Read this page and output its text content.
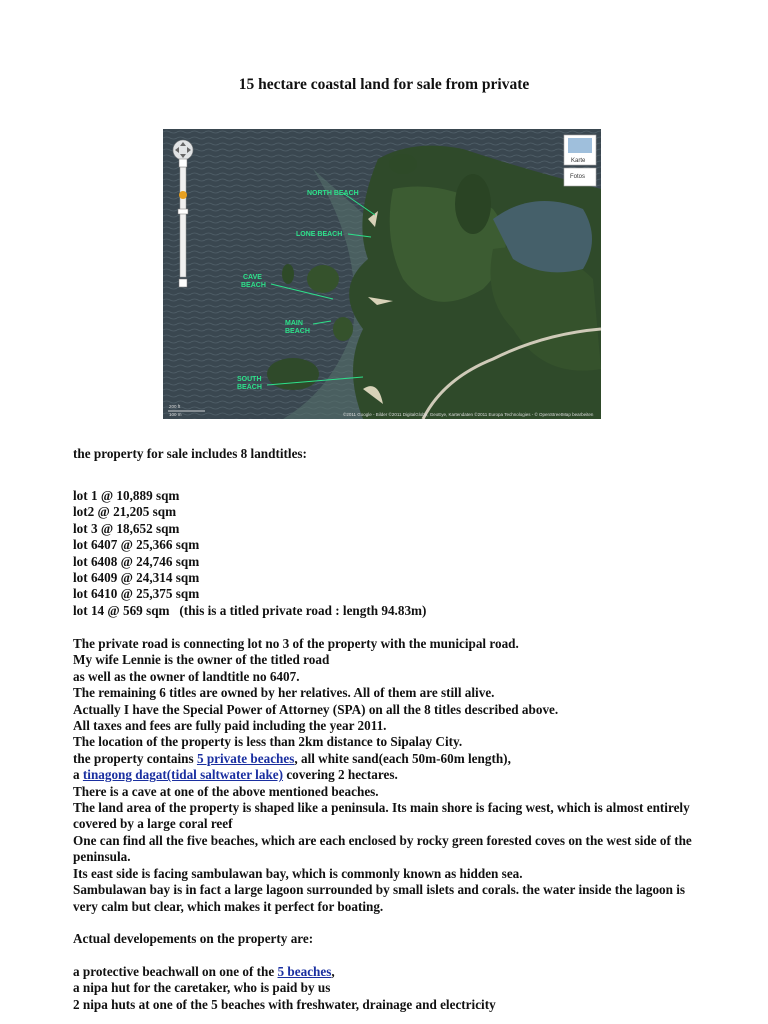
15 hectare coastal land for sale from private
NORTH BEACH
LONE BEACH
CAVE
BEACH
MAIN
BEACH
SOUTH
BEACH
Karte
Fotos
200 ft
100 m	©2011 Google - Bilder ©2011 DigitalGlobe, GeoEye, Kartendaten ©2011 Europa Technologies - © OpenStreetMap bearbeiten

the property for sale includes 8 landtitles:

lot 1 @ 10,889 sqm

lot2 @ 21,205 sqm

lot 3 @ 18,652 sqm

lot 6407 @ 25,366 sqm

lot 6408 @ 24,746 sqm

lot 6409 @ 24,314 sqm

lot 6410 @ 25,375 sqm

lot 14 @ 569 sqm   (this is a titled private road : length 94.83m)

The private road is connecting lot no 3 of the property with the municipal road.

My wife Lennie is the owner of the titled road

as well as the owner of landtitle no 6407.

The remaining 6 titles are owned by her relatives. All of them are still alive.

Actually I have the Special Power of Attorney (SPA) on all the 8 titles described above.

All taxes and fees are fully paid including the year 2011.

The location of the property is less than 2km distance to Sipalay City.

the property contains 5 private beaches, all white sand(each 50m-60m length),

a tinagong dagat(tidal saltwater lake) covering 2 hectares.

There is a cave at one of the above mentioned beaches.

The land area of the property is shaped like a peninsula. Its main shore is facing west, which is almost entirely covered by a large coral reef

One can find all the five beaches, which are each enclosed by rocky green forested coves on the west side of the peninsula.

Its east side is facing sambulawan bay, which is commonly known as hidden sea.

Sambulawan bay is in fact a large lagoon surrounded by small islets and corals. the water inside the lagoon is very calm but clear, which makes it perfect for boating.

Actual developements on the property are:

a protective beachwall on one of the 5 beaches,

a nipa hut for the caretaker, who is paid by us

2 nipa huts at one of the 5 beaches with freshwater, drainage and electricity
